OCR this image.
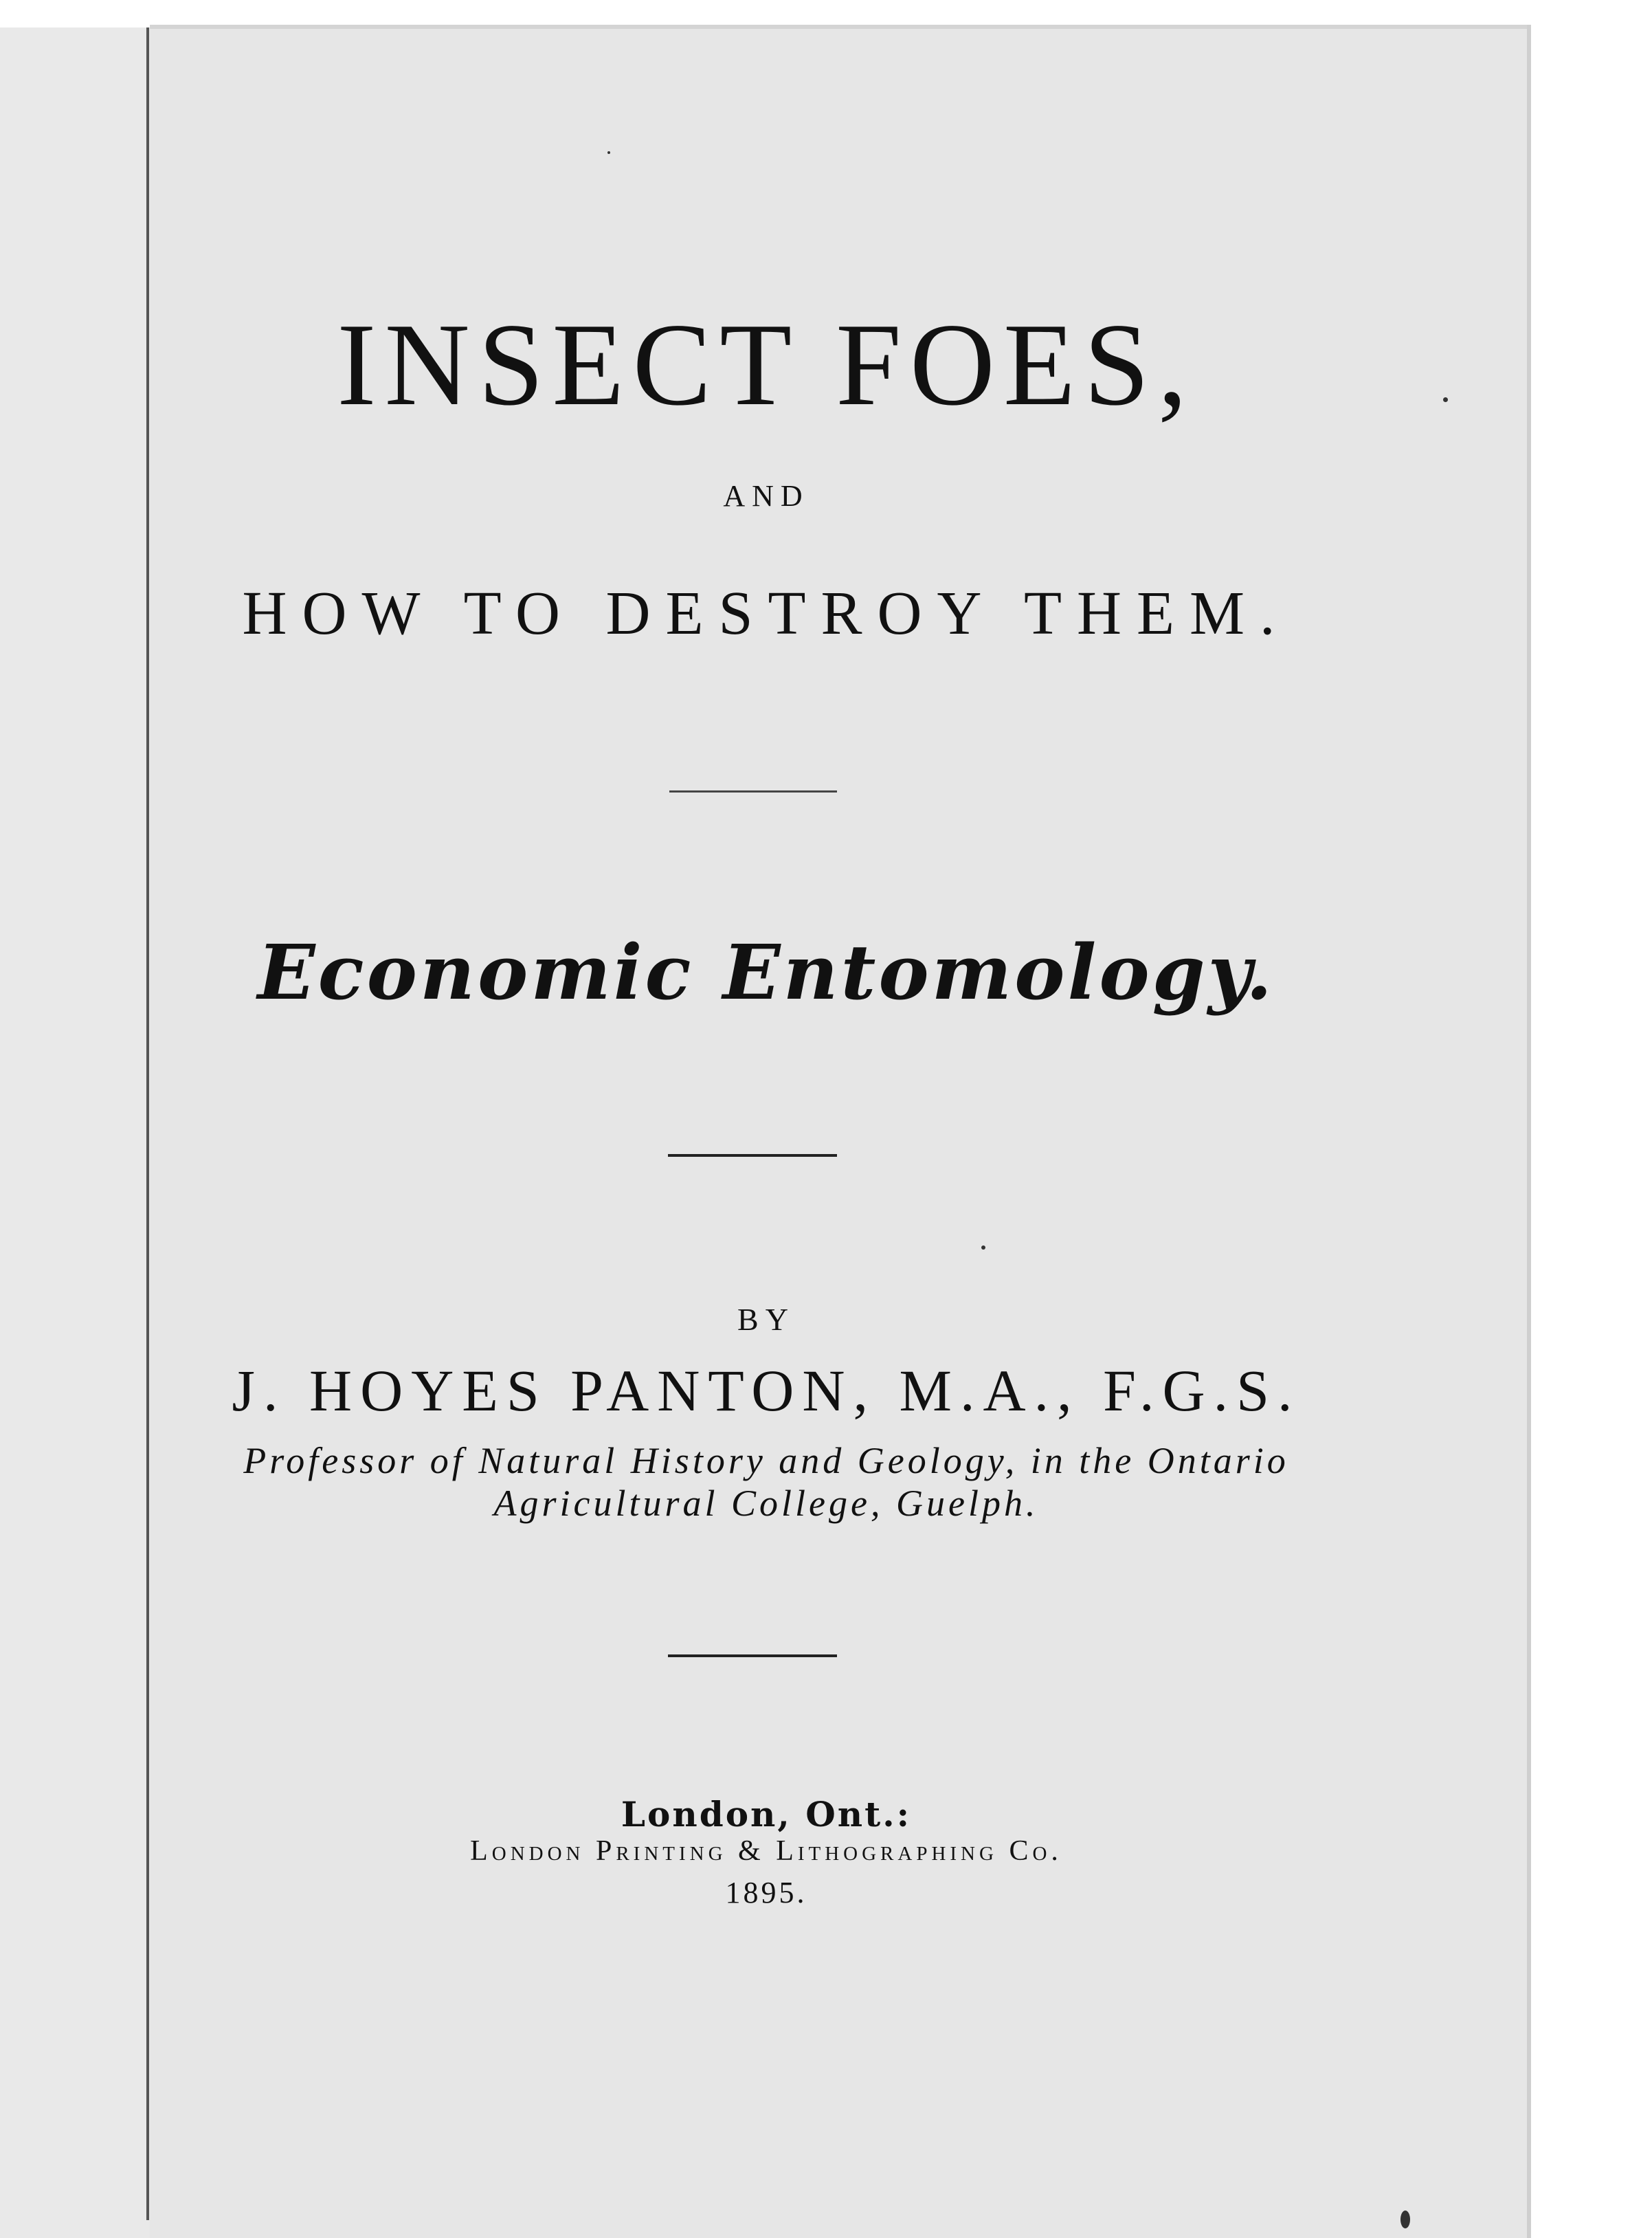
INSECT FOES,

AND

HOW TO DESTROY THEM.

Economic Entomology.

BY

J. HOYES PANTON, M.A., F.G.S.

Professor of Natural History and Geology, in the Ontario

Agricultural College, Guelph.

London, Ont.:

London Printing & Lithographing Co.

1895.
